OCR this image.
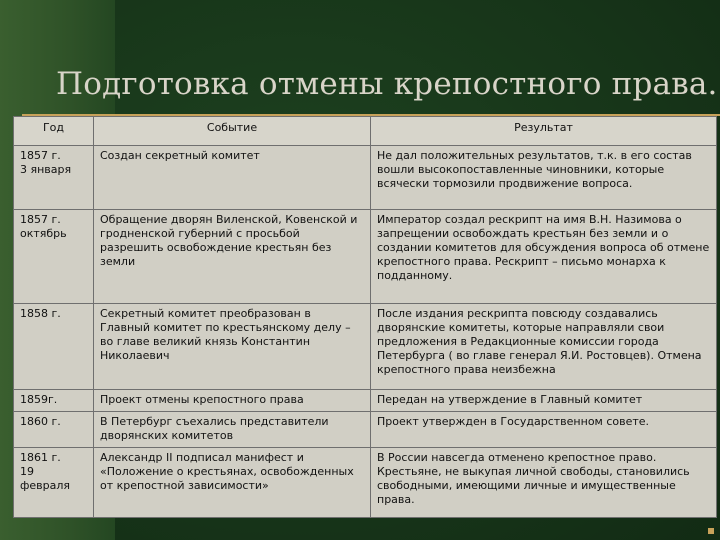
Подготовка отмены крепостного права.
Год	Событие	Результат
1857 г.
3 января	Создан секретный комитет	Не дал положительных результатов, т.к. в его состав вошли высокопоставленные чиновники, которые всячески тормозили продвижение вопроса.
1857 г.
октябрь	Обращение дворян Виленской, Ковенской и гродненской губерний с просьбой разрешить освобождение крестьян без земли	Император создал рескрипт на имя В.Н. Назимова о запрещении освобождать крестьян без земли и о создании комитетов для обсуждения вопроса об отмене крепостного права. Рескрипт – письмо монарха к подданному.
1858 г.	Секретный комитет преобразован в Главный комитет по крестьянскому делу – во главе великий князь Константин Николаевич	После издания рескрипта повсюду создавались дворянские комитеты, которые направляли свои предложения в Редакционные комиссии города Петербурга ( во главе генерал Я.И. Ростовцев). Отмена крепостного права неизбежна
1859г.	Проект отмены крепостного права	Передан на утверждение в Главный комитет
1860 г.	В Петербург съехались представители дворянских комитетов	Проект утвержден в Государственном совете.
1861 г.
19
февраля	Александр II подписал манифест и «Положение о крестьянах, освобожденных от крепостной зависимости»	В России навсегда отменено крепостное право. Крестьяне, не выкупая личной свободы, становились свободными, имеющими личные и имущественные права.
